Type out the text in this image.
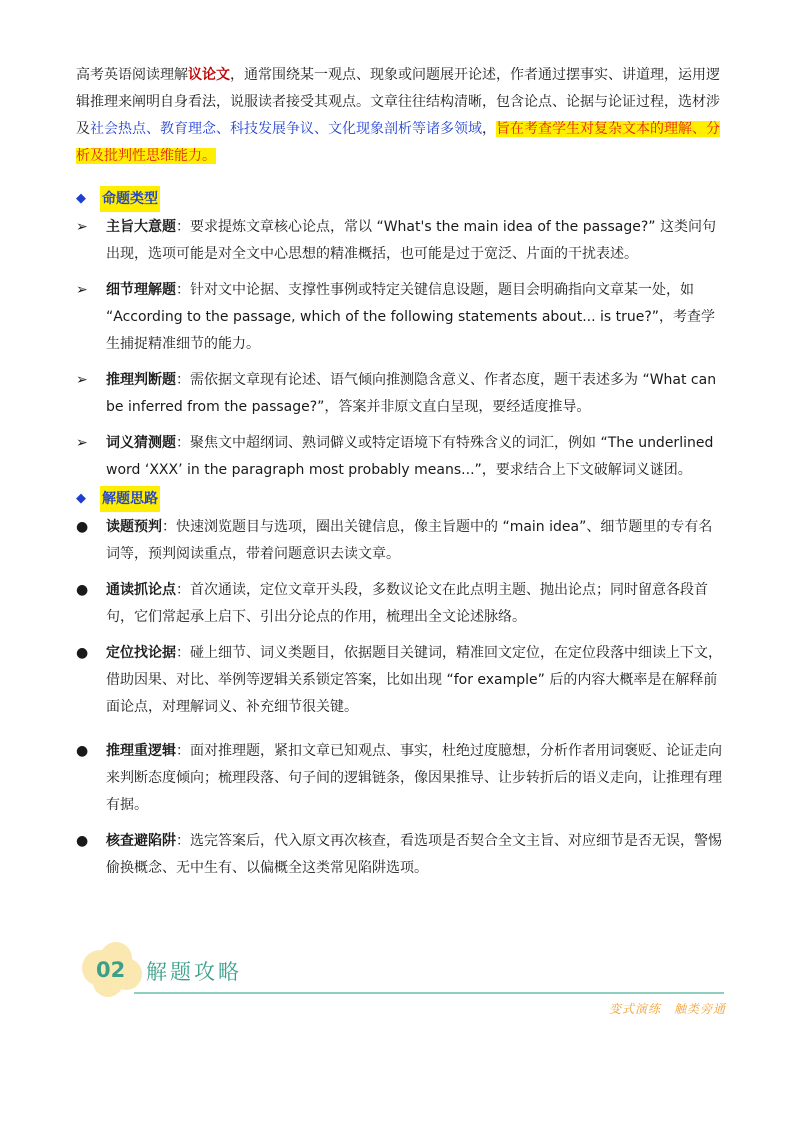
高考英语阅读理解议论文，通常围绕某一观点、现象或问题展开论述，作者通过摆事实、讲道理，运用逻辑推理来阐明自身看法，说服读者接受其观点。文章往往结构清晰，包含论点、论据与论证过程，选材涉及社会热点、教育理念、科技发展争议、文化现象剖析等诸多领域，旨在考查学生对复杂文本的理解、分析及批判性思维能力。

◆	命题类型
➢	主旨大意题：要求提炼文章核心论点，常以 “What's the main idea of the passage?” 这类问句出现，选项可能是对全文中心思想的精准概括，也可能是过于宽泛、片面的干扰表述。
➢	细节理解题：针对文中论据、支撑性事例或特定关键信息设题，题目会明确指向文章某一处，如 “According to the passage, which of the following statements about... is true?”，考查学生捕捉精准细节的能力。
➢	推理判断题：需依据文章现有论述、语气倾向推测隐含意义、作者态度，题干表述多为 “What can be inferred from the passage?”，答案并非原文直白呈现，要经适度推导。
➢	词义猜测题：聚焦文中超纲词、熟词僻义或特定语境下有特殊含义的词汇，例如 “The underlined word ‘XXX’ in the paragraph most probably means...”，要求结合上下文破解词义谜团。
◆	解题思路
●	读题预判：快速浏览题目与选项，圈出关键信息，像主旨题中的 “main idea”、细节题里的专有名词等，预判阅读重点，带着问题意识去读文章。
●	通读抓论点：首次通读，定位文章开头段，多数议论文在此点明主题、抛出论点；同时留意各段首句，它们常起承上启下、引出分论点的作用，梳理出全文论述脉络。
●	定位找论据：碰上细节、词义类题目，依据题目关键词，精准回文定位，在定位段落中细读上下文，借助因果、对比、举例等逻辑关系锁定答案，比如出现 “for example” 后的内容大概率是在解释前面论点，对理解词义、补充细节很关键。
●	推理重逻辑：面对推理题，紧扣文章已知观点、事实，杜绝过度臆想，分析作者用词褒贬、论证走向来判断态度倾向；梳理段落、句子间的逻辑链条，像因果推导、让步转折后的语义走向，让推理有理有据。
●	核查避陷阱：选完答案后，代入原文再次核查，看选项是否契合全文主旨、对应细节是否无误，警惕偷换概念、无中生有、以偏概全这类常见陷阱选项。
02 解题攻略
变式演练　触类旁通
